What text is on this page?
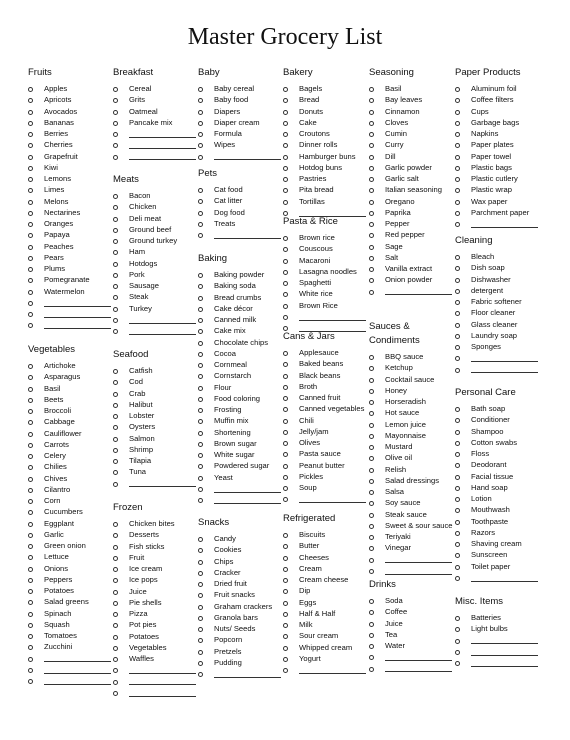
Master Grocery List
Fruits
Apples
Apricots
Avocados
Bananas
Berries
Cherries
Grapefruit
Kiwi
Lemons
Limes
Melons
Nectarines
Oranges
Papaya
Peaches
Pears
Plums
Pomegranate
Watermelon
Vegetables
Artichoke
Asparagus
Basil
Beets
Broccoli
Cabbage
Cauliflower
Carrots
Celery
Chilies
Chives
Cilantro
Corn
Cucumbers
Eggplant
Garlic
Green onion
Lettuce
Onions
Peppers
Potatoes
Salad greens
Spinach
Squash
Tomatoes
Zucchini
Breakfast
Cereal
Grits
Oatmeal
Pancake mix
Meats
Bacon
Chicken
Deli meat
Ground beef
Ground turkey
Ham
Hotdogs
Pork
Sausage
Steak
Turkey
Seafood
Catfish
Cod
Crab
Halibut
Lobster
Oysters
Salmon
Shrimp
Tilapia
Tuna
Frozen
Chicken bites
Desserts
Fish sticks
Fruit
Ice cream
Ice pops
Juice
Pie shells
Pizza
Pot pies
Potatoes
Vegetables
Waffles
Baby
Baby cereal
Baby food
Diapers
Diaper cream
Formula
Wipes
Pets
Cat food
Cat litter
Dog food
Treats
Baking
Baking powder
Baking soda
Bread crumbs
Cake décor
Canned milk
Cake mix
Chocolate chips
Cocoa
Cornmeal
Cornstarch
Flour
Food coloring
Frosting
Muffin mix
Shortening
Brown sugar
White sugar
Powdered sugar
Yeast
Snacks
Candy
Cookies
Chips
Cracker
Dried fruit
Fruit snacks
Graham crackers
Granola bars
Nuts/ Seeds
Popcorn
Pretzels
Pudding
Bakery
Bagels
Bread
Donuts
Cake
Croutons
Dinner rolls
Hamburger buns
Hotdog buns
Pastries
Pita bread
Tortillas
Pasta & Rice
Brown rice
Couscous
Macaroni
Lasagna noodles
Spaghetti
White rice
Brown Rice
Cans & Jars
Applesauce
Baked beans
Black beans
Broth
Canned fruit
Canned vegetables
Chili
Jelly/jam
Olives
Pasta sauce
Peanut butter
Pickles
Soup
Refrigerated
Biscuits
Butter
Cheeses
Cream
Cream cheese
Dip
Eggs
Half & Half
Milk
Sour cream
Whipped cream
Yogurt
Seasoning
Basil
Bay leaves
Cinnamon
Cloves
Cumin
Curry
Dill
Garlic powder
Garlic salt
Italian seasoning
Oregano
Paprika
Pepper
Red pepper
Sage
Salt
Vanilla extract
Onion powder
Sauces & Condiments
BBQ sauce
Ketchup
Cocktail sauce
Honey
Horseradish
Hot sauce
Lemon juice
Mayonnaise
Mustard
Olive oil
Relish
Salad dressings
Salsa
Soy sauce
Steak sauce
Sweet & sour sauce
Teriyaki
Vinegar
Drinks
Soda
Coffee
Juice
Tea
Water
Paper Products
Aluminum foil
Coffee filters
Cups
Garbage bags
Napkins
Paper plates
Paper towel
Plastic bags
Plastic cutlery
Plastic wrap
Wax paper
Parchment paper
Cleaning
Bleach
Dish soap
Dishwasher
detergent
Fabric softener
Floor cleaner
Glass cleaner
Laundry soap
Sponges
Personal Care
Bath soap
Conditioner
Shampoo
Cotton swabs
Floss
Deodorant
Facial tissue
Hand soap
Lotion
Mouthwash
Toothpaste
Razors
Shaving cream
Sunscreen
Toilet paper
Misc. Items
Batteries
Light bulbs
